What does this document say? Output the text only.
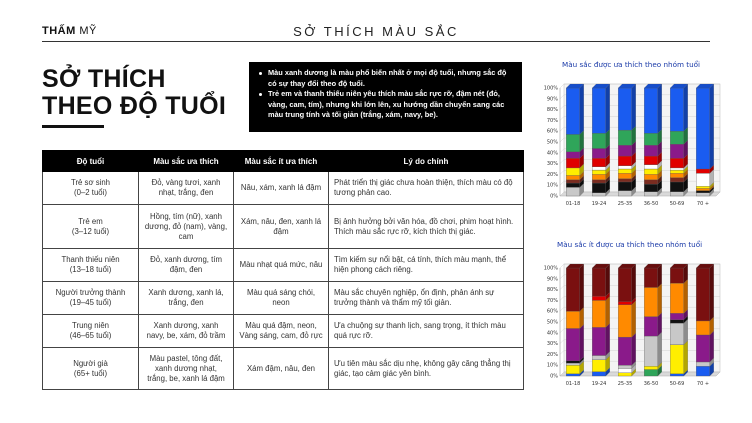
THẤM MỸ	SỞ THÍCH MÀU SẮC
SỞ THÍCH
THEO ĐỘ TUỔI
Màu xanh dương là màu phổ biến nhất ở mọi độ tuổi, nhưng sắc độ có sự thay đổi theo độ tuổi.
Trẻ em và thanh thiếu niên yêu thích màu sắc rực rỡ, đậm nét (đỏ, vàng, cam, tím), nhưng khi lớn lên, xu hướng dần chuyển sang các màu trung tính và tối giản (trắng, xám, navy, be).
Độ tuổi	Màu sắc ưa thích	Màu sắc ít ưa thích	Lý do chính
Trẻ sơ sinh
(0–2 tuổi)	Đỏ, vàng tươi, xanh nhạt, trắng, đen	Nâu, xám, xanh lá đậm	Phát triển thị giác chưa hoàn thiện, thích màu có độ tương phản cao.
Trẻ em
(3–12 tuổi)	Hồng, tím (nữ), xanh dương, đỏ (nam), vàng, cam	Xám, nâu, đen, xanh lá đậm	Bị ảnh hưởng bởi văn hóa, đồ chơi, phim hoạt hình. Thích màu sắc rực rỡ, kích thích thị giác.
Thanh thiếu niên
(13–18 tuổi)	Đỏ, xanh dương, tím đậm, đen	Màu nhạt quá mức, nâu	Tìm kiếm sự nổi bật, cá tính, thích màu mạnh, thể hiện phong cách riêng.
Người trưởng thành
(19–45 tuổi)	Xanh dương, xanh lá, trắng, đen	Màu quá sáng chói, neon	Màu sắc chuyên nghiệp, ổn định, phản ánh sự trưởng thành và thẩm mỹ tối giản.
Trung niên
(46–65 tuổi)	Xanh dương, xanh navy, be, xám, đỏ trầm	Màu quá đậm, neon, Vàng sáng, cam, đỏ rực	Ưa chuộng sự thanh lịch, sang trọng, ít thích màu quá rực rỡ.
Người già
(65+ tuổi)	Màu pastel, tông đất, xanh dương nhạt, trắng, be, xanh lá đậm	Xám đậm, nâu, đen	Ưu tiên màu sắc dịu nhẹ, không gây căng thẳng thị giác, tạo cảm giác yên bình.
Màu sắc được ưa thích theo nhóm tuổi
0%
10%
20%
30%
40%
50%
60%
70%
80%
90%
100%
01-18 19-24 25-35 36-50 50-69	70 +
Màu sắc ít được ưa thích theo nhóm tuổi
0%
10%
20%
30%
40%
50%
60%
70%
80%
90%
100%
01-18 19-24 25-35 36-50 50-69	70 +
